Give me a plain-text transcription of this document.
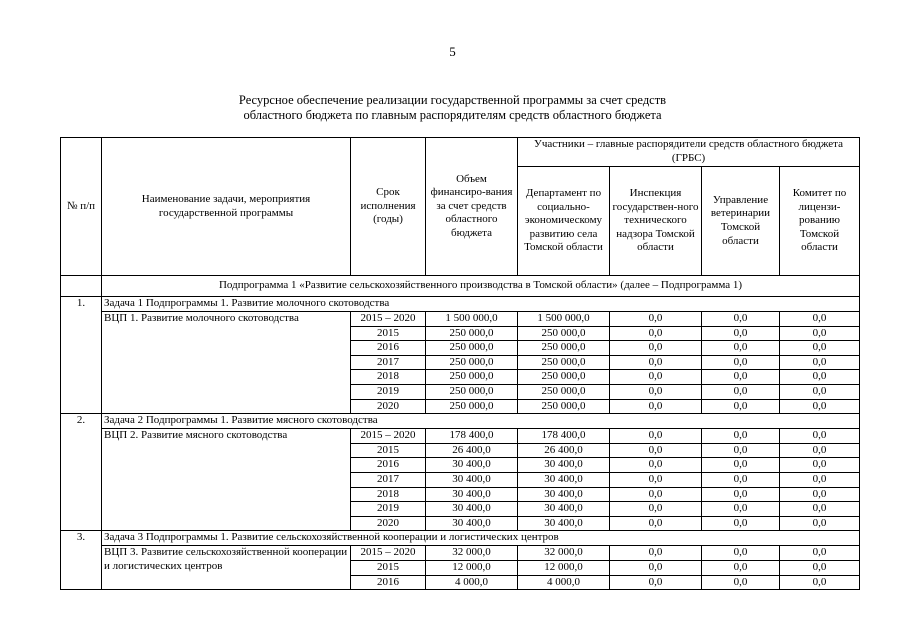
5
Ресурсное обеспечение реализации государственной программы за счет средств
областного бюджета по главным распорядителям средств областного бюджета
№ п/п	Наименование задачи, мероприятия государственной программы	Срок исполнения (годы)	Объем финансиро-вания за счет средств областного бюджета	Участники – главные распорядители средств областного бюджета (ГРБС)			
				Департамент по социально-экономическому развитию села Томской области	Инспекция государствен-ного технического надзора Томской области	Управление ветеринарии Томской области	Комитет по лицензи-рованию Томской области
	Подпрограмма 1 «Развитие сельскохозяйственного производства в Томской области» (далее – Подпрограмма 1)						
1.	Задача 1 Подпрограммы 1. Развитие молочного скотоводства						
	ВЦП 1. Развитие молочного скотоводства	2015 – 2020	1 500 000,0	1 500 000,0	0,0	0,0	0,0
		2015	250 000,0	250 000,0	0,0	0,0	0,0
		2016	250 000,0	250 000,0	0,0	0,0	0,0
		2017	250 000,0	250 000,0	0,0	0,0	0,0
		2018	250 000,0	250 000,0	0,0	0,0	0,0
		2019	250 000,0	250 000,0	0,0	0,0	0,0
		2020	250 000,0	250 000,0	0,0	0,0	0,0
2.	Задача 2 Подпрограммы 1. Развитие мясного скотоводства						
	ВЦП 2. Развитие мясного скотоводства	2015 – 2020	178 400,0	178 400,0	0,0	0,0	0,0
		2015	26 400,0	26 400,0	0,0	0,0	0,0
		2016	30 400,0	30 400,0	0,0	0,0	0,0
		2017	30 400,0	30 400,0	0,0	0,0	0,0
		2018	30 400,0	30 400,0	0,0	0,0	0,0
		2019	30 400,0	30 400,0	0,0	0,0	0,0
		2020	30 400,0	30 400,0	0,0	0,0	0,0
3.	Задача 3 Подпрограммы 1. Развитие сельскохозяйственной кооперации и логистических центров						
	ВЦП 3. Развитие сельскохозяйственной кооперации и логистических центров	2015 – 2020	32 000,0	32 000,0	0,0	0,0	0,0
		2015	12 000,0	12 000,0	0,0	0,0	0,0
		2016	4 000,0	4 000,0	0,0	0,0	0,0
